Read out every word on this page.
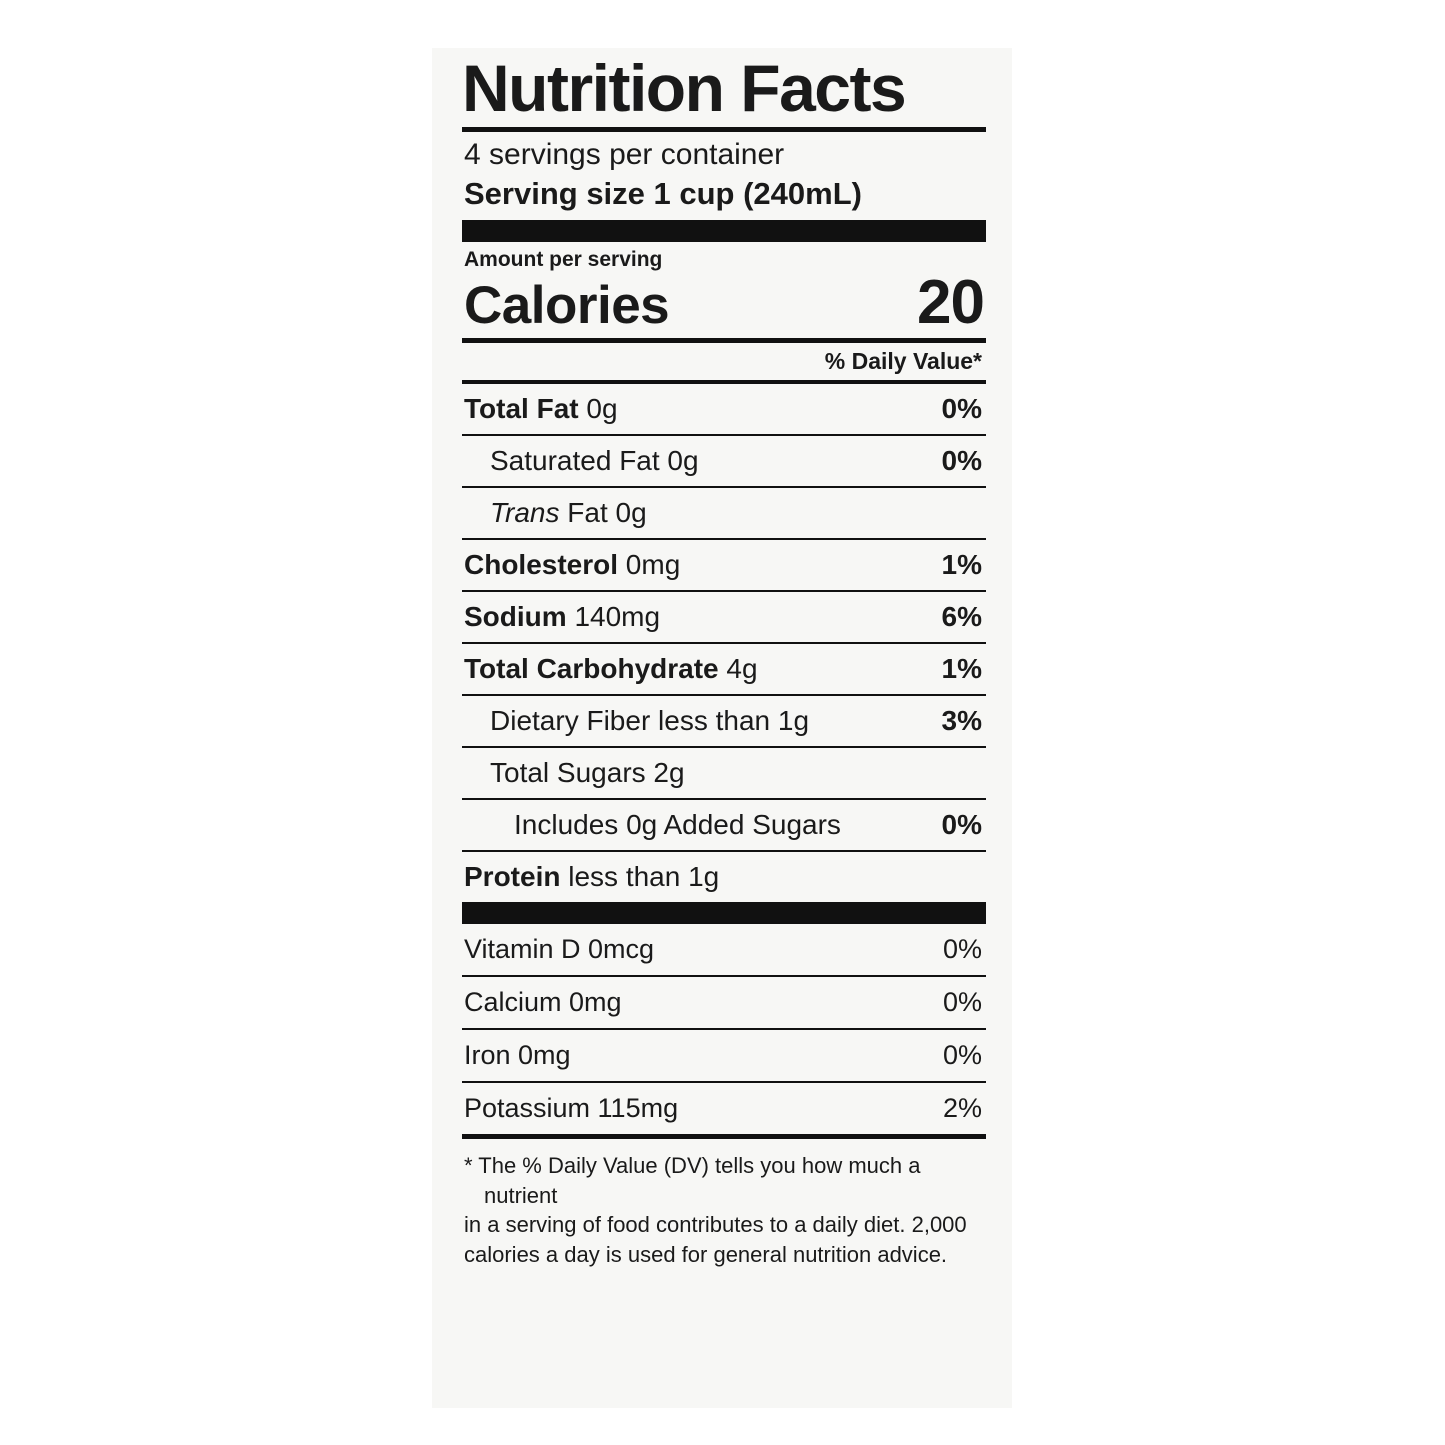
Nutrition Facts
4 servings per container
Serving size 1 cup (240mL)
Amount per serving
Calories	20
% Daily Value*
Total Fat 0g	0%
Saturated Fat 0g	0%
Trans Fat 0g
Cholesterol 0mg	1%
Sodium 140mg	6%
Total Carbohydrate 4g	1%
Dietary Fiber less than 1g	3%
Total Sugars 2g
Includes 0g Added Sugars	0%
Protein less than 1g
Vitamin D 0mcg	0%
Calcium 0mg	0%
Iron 0mg	0%
Potassium 115mg	2%
* The % Daily Value (DV) tells you how much a nutrient
in a serving of food contributes to a daily diet. 2,000
calories a day is used for general nutrition advice.
